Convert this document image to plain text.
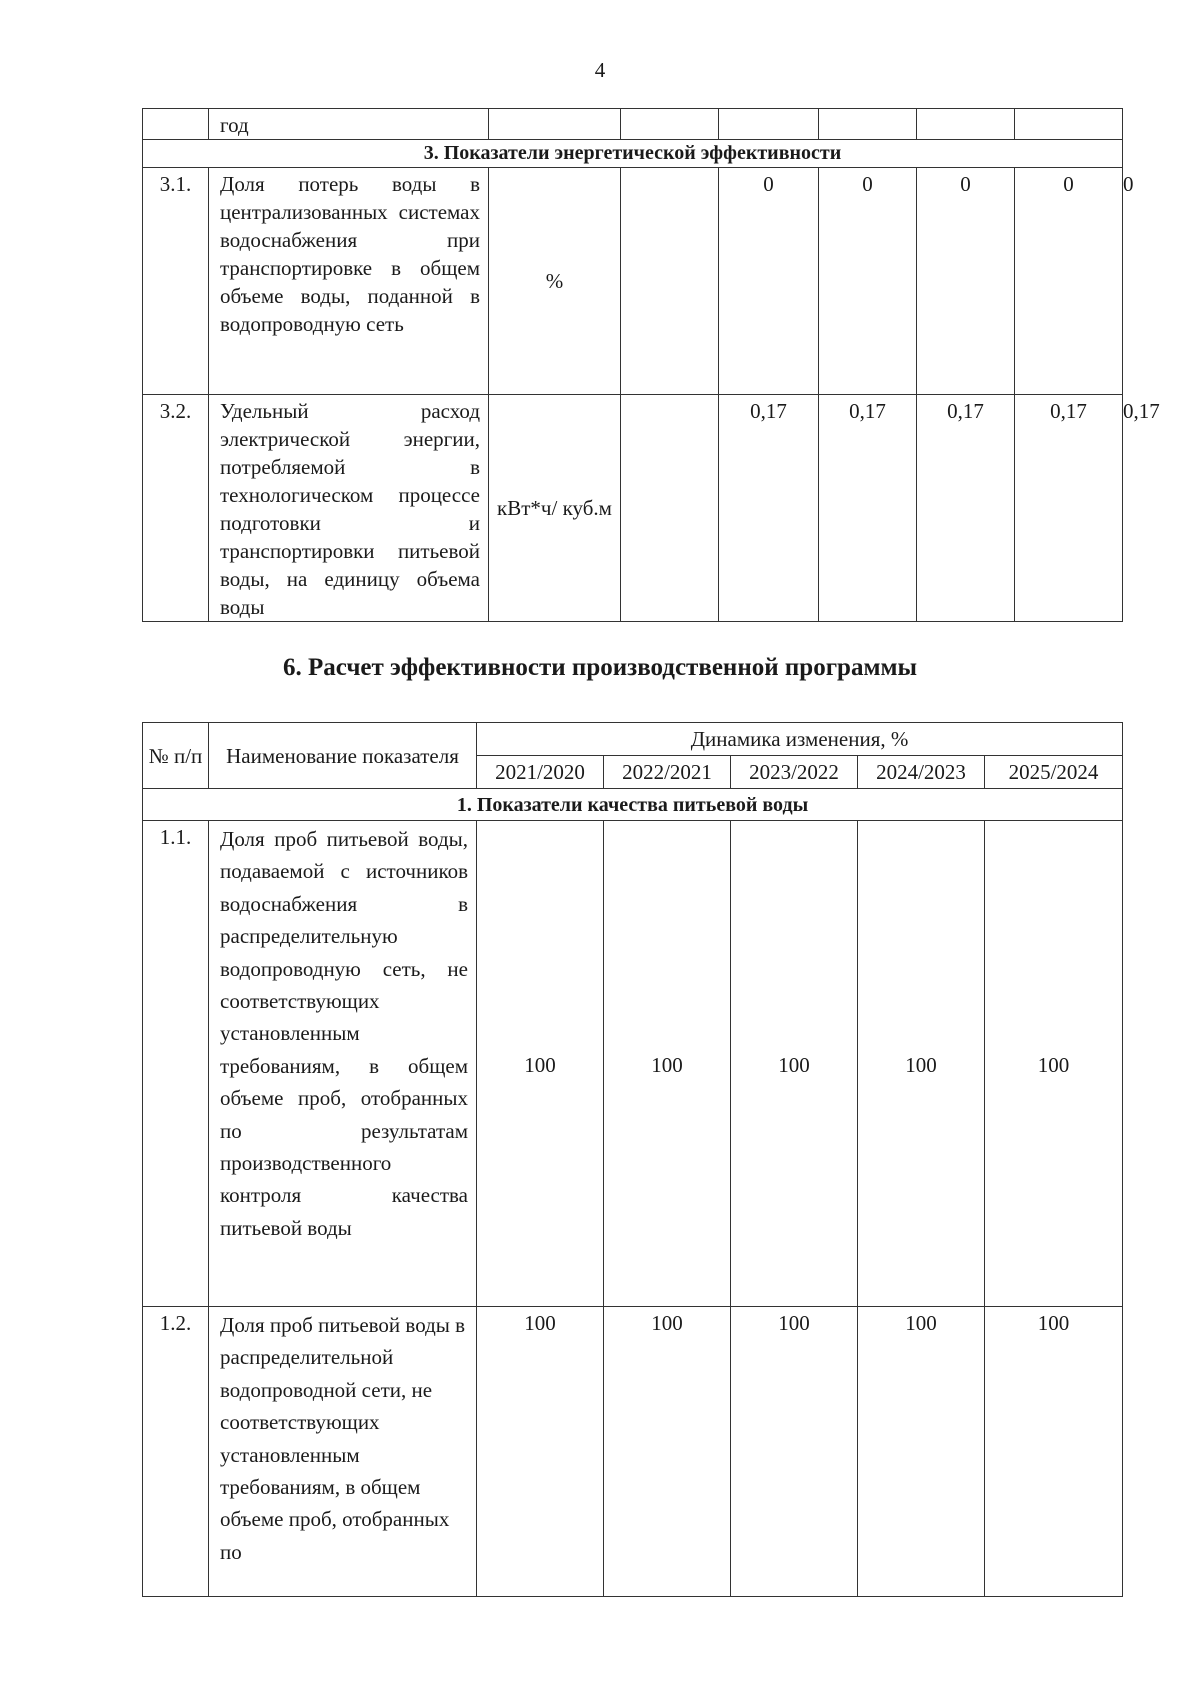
4
	год							
3. Показатели энергетической эффективности								
3.1.	Доля потерь воды в централизованных системах водоснабжения при транспортировке в общем объеме воды, поданной в водопроводную сеть	%		0	0	0	0	0
3.2.	Удельный расход электрической энергии, потребляемой в технологическом процессе подготовки и транспортировки питьевой воды, на единицу объема воды	кВт*ч/ куб.м		0,17	0,17	0,17	0,17	0,17
6. Расчет эффективности производственной программы
№ п/п	Наименование показателя	Динамика изменения, %				
		2021/2020	2022/2021	2023/2022	2024/2023	2025/2024
1. Показатели качества питьевой воды						
1.1.	Доля проб питьевой воды, подаваемой с источников водоснабжения в распределительную водопроводную сеть, не соответствующих установленным требованиям, в общем объеме проб, отобранных по результатам производственного контроля качества питьевой воды	100	100	100	100	100
1.2.	Доля проб питьевой воды в распределительной водопроводной сети, не соответствующих установленным требованиям, в общем объеме проб, отобранных по	100	100	100	100	100
